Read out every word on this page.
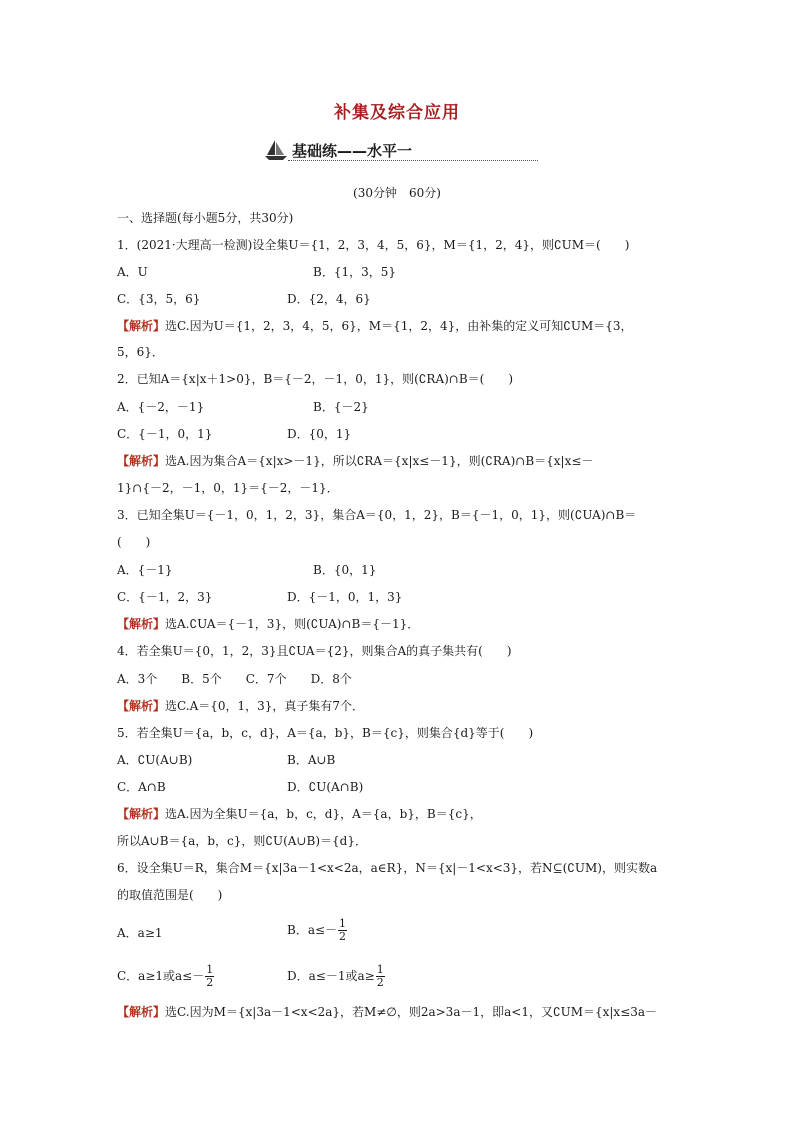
补集及综合应用
基础练——水平一
(30分钟　60分)
一、选择题(每小题5分，共30分)
1．(2021·大理高一检测)设全集U＝{1，2，3，4，5，6}，M＝{1，2，4}，则∁UM＝(　　)
A．U	B．{1，3，5}
C．{3，5，6}	D．{2，4，6}
【解析】选C.因为U＝{1，2，3，4，5，6}，M＝{1，2，4}，由补集的定义可知∁UM＝{3，
5，6}．
2．已知A＝{x|x＋1>0}，B＝{－2，－1，0，1}，则(∁RA)∩B＝(　　)
A．{－2，－1}	B．{－2}
C．{－1，0，1}	D．{0，1}
【解析】选A.因为集合A＝{x|x>－1}，所以∁RA＝{x|x≤－1}，则(∁RA)∩B＝{x|x≤－
1}∩{－2，－1，0，1}＝{－2，－1}．
3．已知全集U＝{－1，0，1，2，3}，集合A＝{0，1，2}，B＝{－1，0，1}，则(∁UA)∩B＝
(　　)
A．{－1}	B．{0，1}
C．{－1，2，3}	D．{－1，0，1，3}
【解析】选A.∁UA＝{－1，3}，则(∁UA)∩B＝{－1}．
4．若全集U＝{0，1，2，3}且∁UA＝{2}，则集合A的真子集共有(　　)
A．3个　　B．5个　　C．7个　　D．8个
【解析】选C.A＝{0，1，3}，真子集有7个．
5．若全集U＝{a，b，c，d}，A＝{a，b}，B＝{c}，则集合{d}等于(　　)
A．∁U(A∪B)	B．A∪B
C．A∩B	D．∁U(A∩B)
【解析】选A.因为全集U＝{a，b，c，d}，A＝{a，b}，B＝{c}，
所以A∪B＝{a，b，c}，则∁U(A∪B)＝{d}．
6．设全集U＝R，集合M＝{x|3a－1<x<2a，a∈R}，N＝{x|－1<x<3}，若N⊆(∁UM)，则实数a
的取值范围是(　　)
A．a≥1	B．$a\le- \frac{1}{2}$
C．a≥1或$a\le- \frac{1}{2}$	D．a≤－1或$a\ge \frac{1}{2}$
【解析】选C.因为M＝{x|3a－1<x<2a}，若M≠∅，则2a>3a－1，即a<1，又∁UM＝{x|x≤3a－
